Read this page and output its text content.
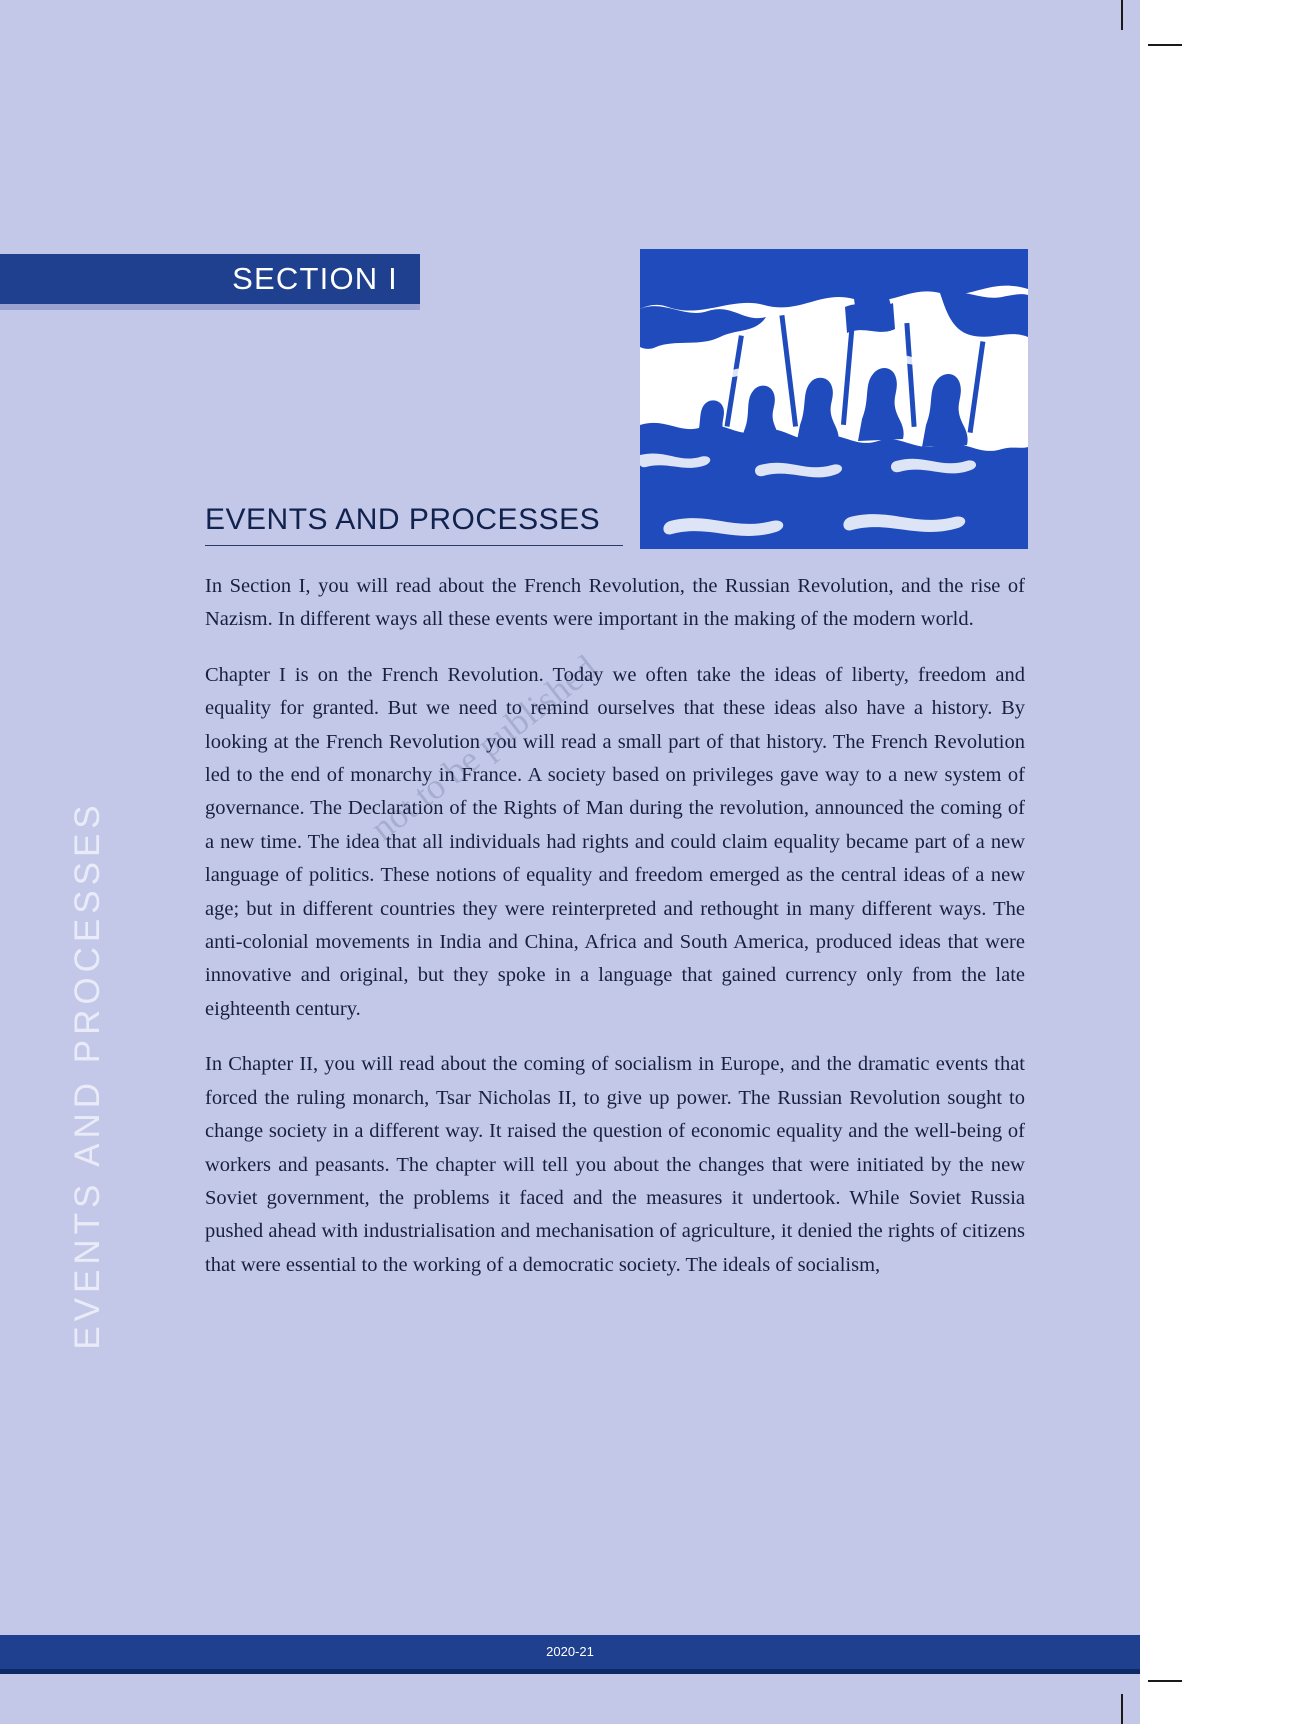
SECTION I
EVENTS AND PROCESSES
EVENTS AND PROCESSES
not to be published

In Section I, you will read about the French Revolution, the Russian Revolution, and the rise of Nazism. In different ways all these events were important in the making of the modern world.

Chapter I is on the French Revolution. Today we often take the ideas of liberty, freedom and equality for granted. But we need to remind ourselves that these ideas also have a history. By looking at the French Revolution you will read a small part of that history. The French Revolution led to the end of monarchy in France. A society based on privileges gave way to a new system of governance. The Declaration of the Rights of Man during the revolution, announced the coming of a new time. The idea that all individuals had rights and could claim equality became part of a new language of politics. These notions of equality and freedom emerged as the central ideas of a new age; but in different countries they were reinterpreted and rethought in many different ways. The anti-colonial movements in India and China, Africa and South America, produced ideas that were innovative and original, but they spoke in a language that gained currency only from the late eighteenth century.

In Chapter II, you will read about the coming of socialism in Europe, and the dramatic events that forced the ruling monarch, Tsar Nicholas II, to give up power. The Russian Revolution sought to change society in a different way. It raised the question of economic equality and the well-being of workers and peasants. The chapter will tell you about the changes that were initiated by the new Soviet government, the problems it faced and the measures it undertook. While Soviet Russia pushed ahead with industrialisation and mechanisation of agriculture, it denied the rights of citizens that were essential to the working of a democratic society. The ideals of socialism,

2020-21
